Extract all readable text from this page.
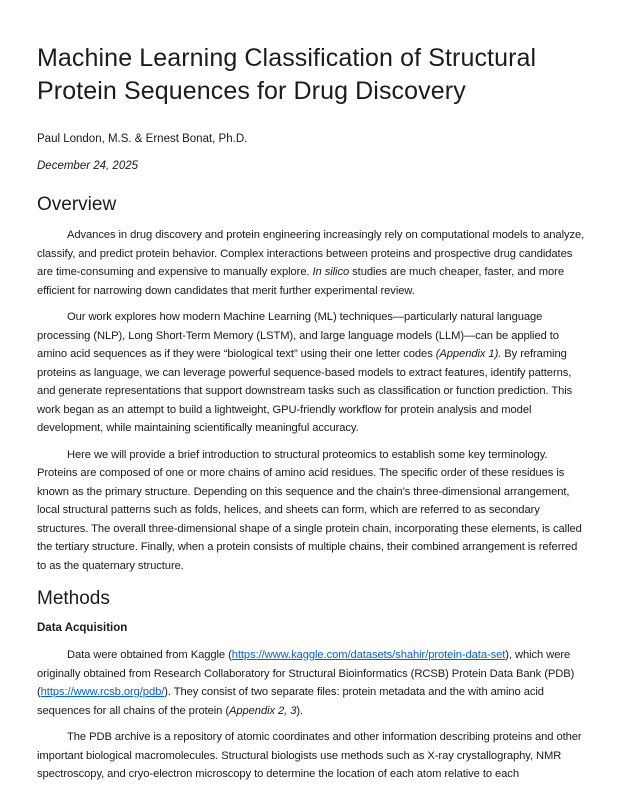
Machine Learning Classification of Structural
Protein Sequences for Drug Discovery

Paul London, M.S. & Ernest Bonat, Ph.D.

December 24, 2025

Overview

Advances in drug discovery and protein engineering increasingly rely on computational models to analyze, classify, and predict protein behavior. Complex interactions between proteins and prospective drug candidates are time-consuming and expensive to manually explore. In silico studies are much cheaper, faster, and more efficient for narrowing down candidates that merit further experimental review.

Our work explores how modern Machine Learning (ML) techniques—particularly natural language processing (NLP), Long Short-Term Memory (LSTM), and large language models (LLM)—can be applied to amino acid sequences as if they were “biological text” using their one letter codes (Appendix 1). By reframing proteins as language, we can leverage powerful sequence-based models to extract features, identify patterns, and generate representations that support downstream tasks such as classification or function prediction. This work began as an attempt to build a lightweight, GPU-friendly workflow for protein analysis and model development, while maintaining scientifically meaningful accuracy.

Here we will provide a brief introduction to structural proteomics to establish some key terminology. Proteins are composed of one or more chains of amino acid residues. The specific order of these residues is known as the primary structure. Depending on this sequence and the chain’s three-dimensional arrangement, local structural patterns such as folds, helices, and sheets can form, which are referred to as secondary structures. The overall three-dimensional shape of a single protein chain, incorporating these elements, is called the tertiary structure. Finally, when a protein consists of multiple chains, their combined arrangement is referred to as the quaternary structure.

Methods
Data Acquisition

Data were obtained from Kaggle (https://www.kaggle.com/datasets/shahir/protein-data-set), which were originally obtained from Research Collaboratory for Structural Bioinformatics (RCSB) Protein Data Bank (PDB) (https://www.rcsb.org/pdb/). They consist of two separate files: protein metadata and the with amino acid sequences for all chains of the protein (Appendix 2, 3).

The PDB archive is a repository of atomic coordinates and other information describing proteins and other important biological macromolecules. Structural biologists use methods such as X-ray crystallography, NMR spectroscopy, and cryo-electron microscopy to determine the location of each atom relative to each
